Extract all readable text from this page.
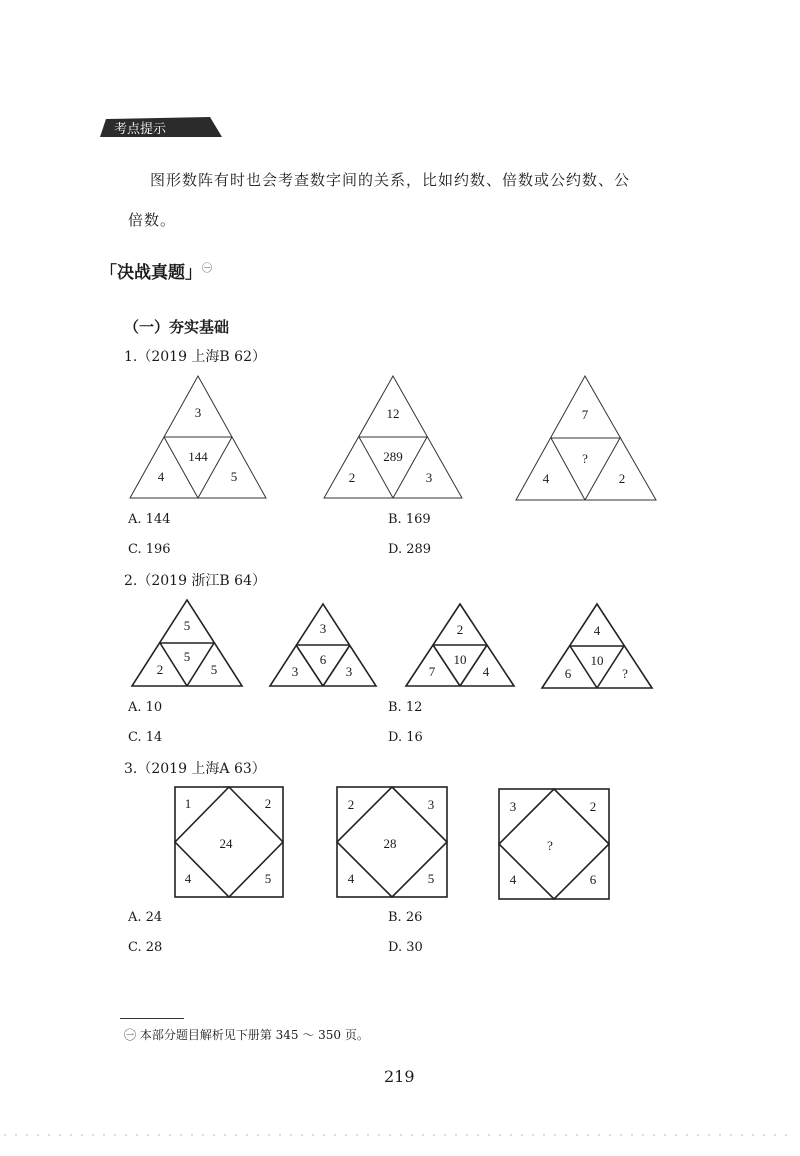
考点提示
图形数阵有时也会考查数字间的关系，比如约数、倍数或公约数、公
倍数。
「决战真题」$^㊀$
（一）夯实基础
1.（2019 上海B 62）
3
144
4	5
12
289
2	3
7
?
4	2
A. 144	B. 169
C. 196	D. 289
2.（2019 浙江B 64）
5
5
2	5
3
6
3	3
2
10
7	4
4
10
6	?
A. 10	B. 12
C. 14	D. 16
3.（2019 上海A 63）
1	2
24
4	5
2	3
28
4	5
3	2
?
4	6
A. 24	B. 26
C. 28	D. 30
㊀ 本部分题目解析见下册第 345 ～ 350 页。
219
